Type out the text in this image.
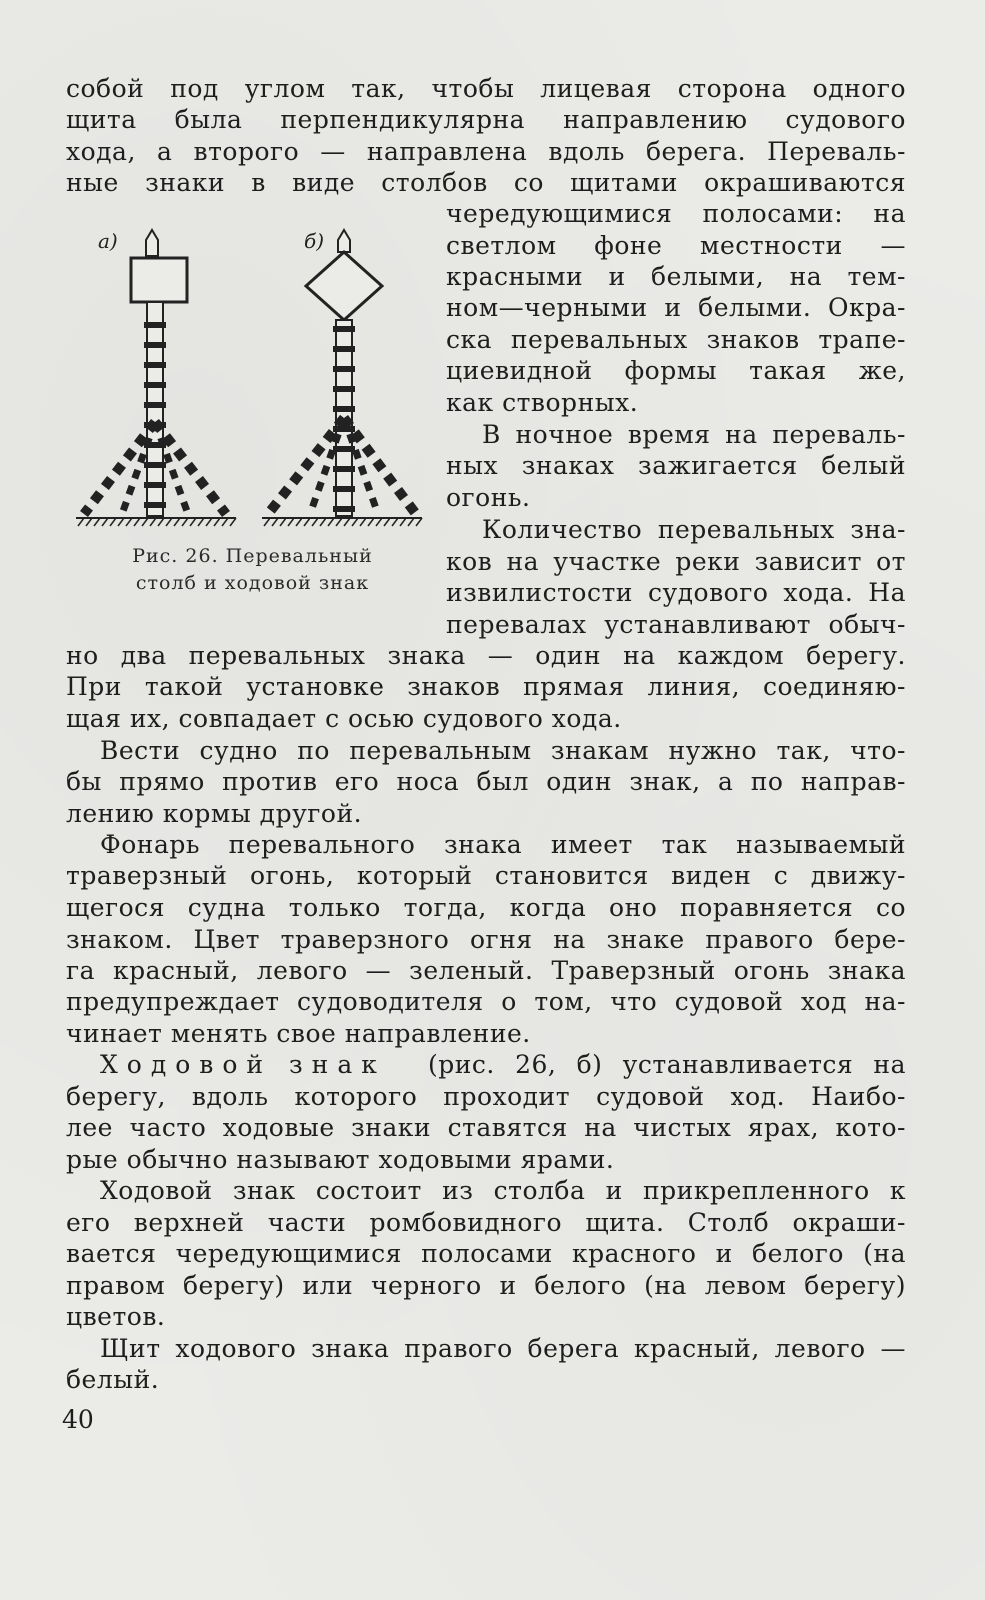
собой под углом так, чтобы лицевая сторона одного
щита была перпендикулярна направлению судового
хода, а второго — направлена вдоль берега. Переваль-
ные знаки в виде столбов со щитами окрашиваются
а)	б)
Рис. 26. Перевальный
столб и ходовой знак
чередующимися полосами: на
светлом фоне местности —
красными и белыми, на тем-
ном—черными и белыми. Окра-
ска перевальных знаков трапе-
циевидной формы такая же,
как створных.
В ночное время на переваль-
ных знаках зажигается белый
огонь.
Количество перевальных зна-
ков на участке реки зависит от
извилистости судового хода. На
перевалах устанавливают обыч-
но два перевальных знака — один на каждом берегу.
При такой установке знаков прямая линия, соединяю-
щая их, совпадает с осью судового хода.
Вести судно по перевальным знакам нужно так, что-
бы прямо против его носа был один знак, а по направ-
лению кормы другой.
Фонарь перевального знака имеет так называемый
траверзный огонь, который становится виден с движу-
щегося судна только тогда, когда оно поравняется со
знаком. Цвет траверзного огня на знаке правого бере-
га красный, левого — зеленый. Траверзный огонь знака
предупреждает судоводителя о том, что судовой ход на-
чинает менять свое направление.
Ходовой знак (рис. 26, б) устанавливается на
берегу, вдоль которого проходит судовой ход. Наибо-
лее часто ходовые знаки ставятся на чистых ярах, кото-
рые обычно называют ходовыми ярами.
Ходовой знак состоит из столба и прикрепленного к
его верхней части ромбовидного щита. Столб окраши-
вается чередующимися полосами красного и белого (на
правом берегу) или черного и белого (на левом берегу)
цветов.
Щит ходового знака правого берега красный, левого —
белый.
40
